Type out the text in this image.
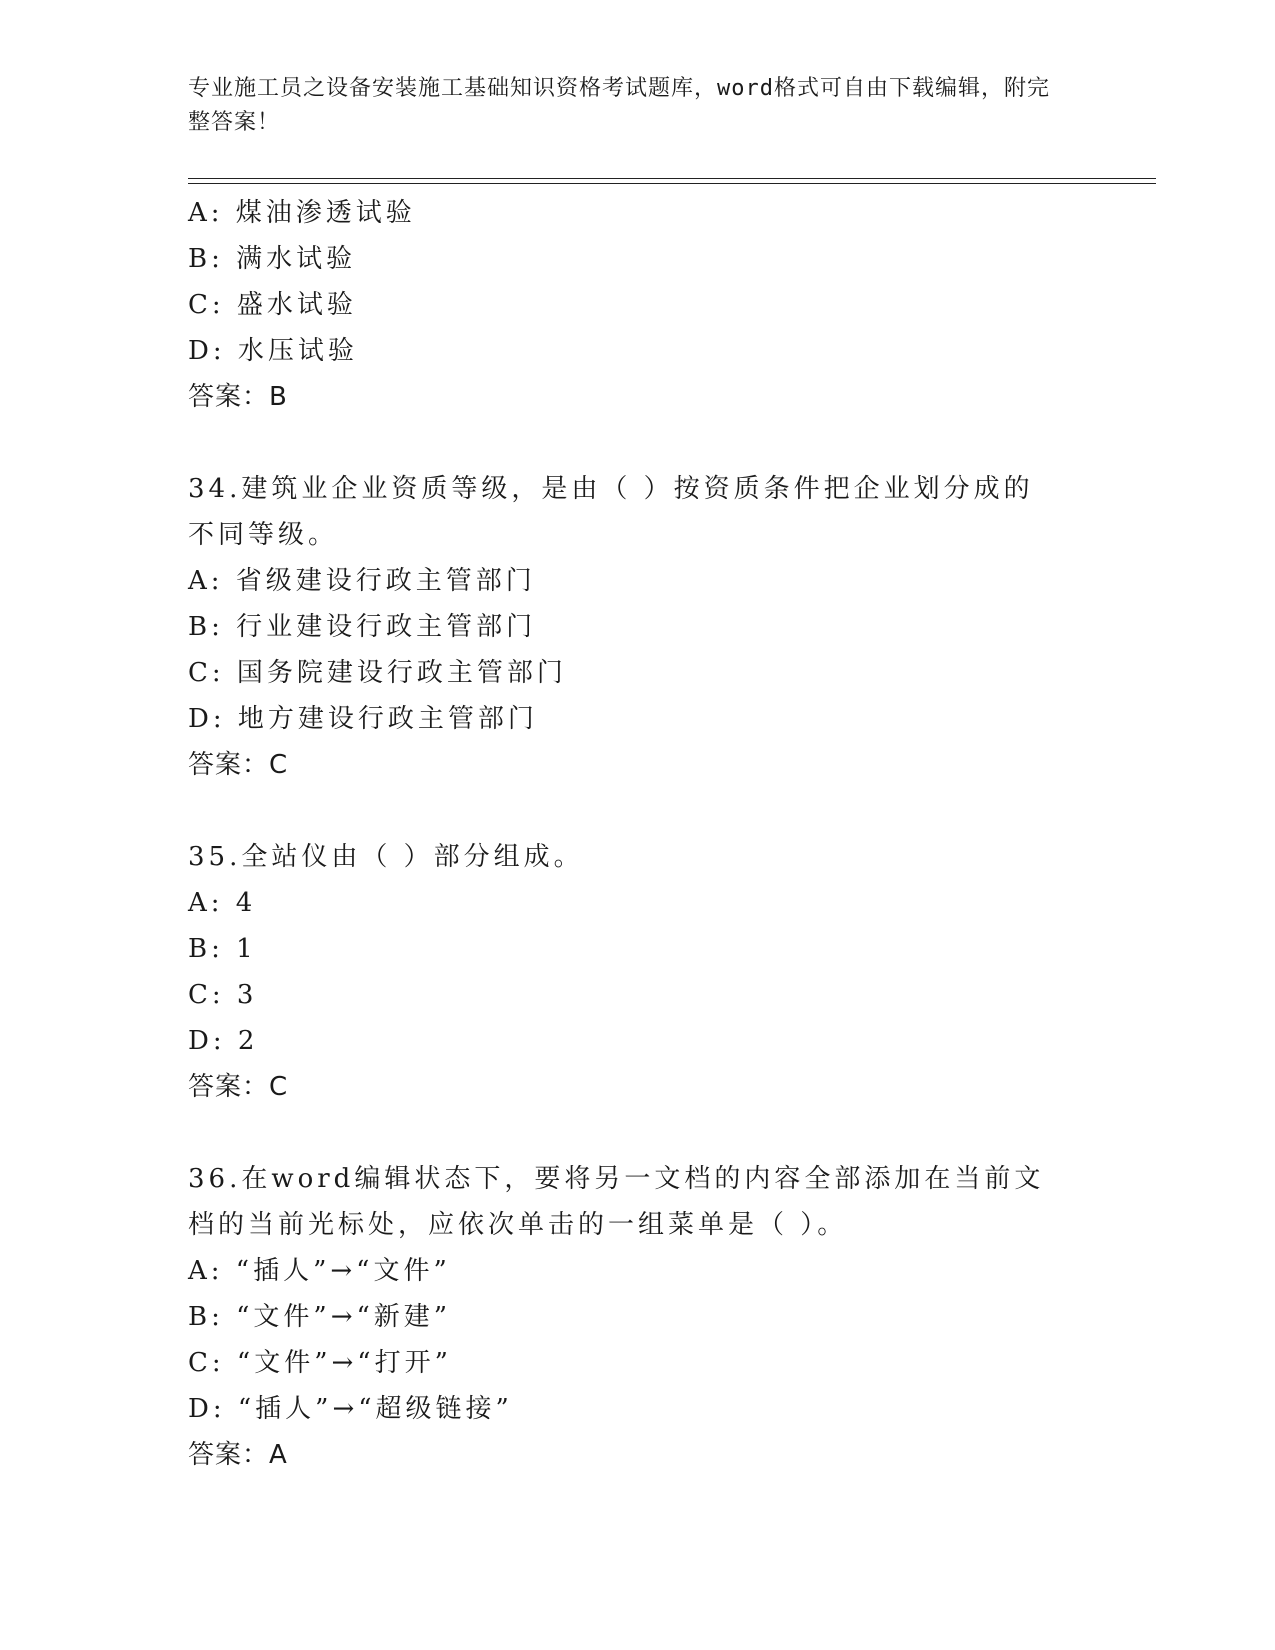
专业施工员之设备安装施工基础知识资格考试题库，word格式可自由下载编辑，附完整答案！
A: 煤油渗透试验
B: 满水试验
C: 盛水试验
D: 水压试验
答案：B
34.建筑业企业资质等级，是由（ ）按资质条件把企业划分成的不同等级。
A: 省级建设行政主管部门
B: 行业建设行政主管部门
C: 国务院建设行政主管部门
D: 地方建设行政主管部门
答案：C
35.全站仪由（ ）部分组成。
A: 4
B: 1
C: 3
D: 2
答案：C
36.在word编辑状态下，要将另一文档的内容全部添加在当前文档的当前光标处，应依次单击的一组菜单是（ ）。
A: “插人”→“文件”
B: “文件”→“新建”
C: “文件”→“打开”
D: “插人”→“超级链接”
答案：A
